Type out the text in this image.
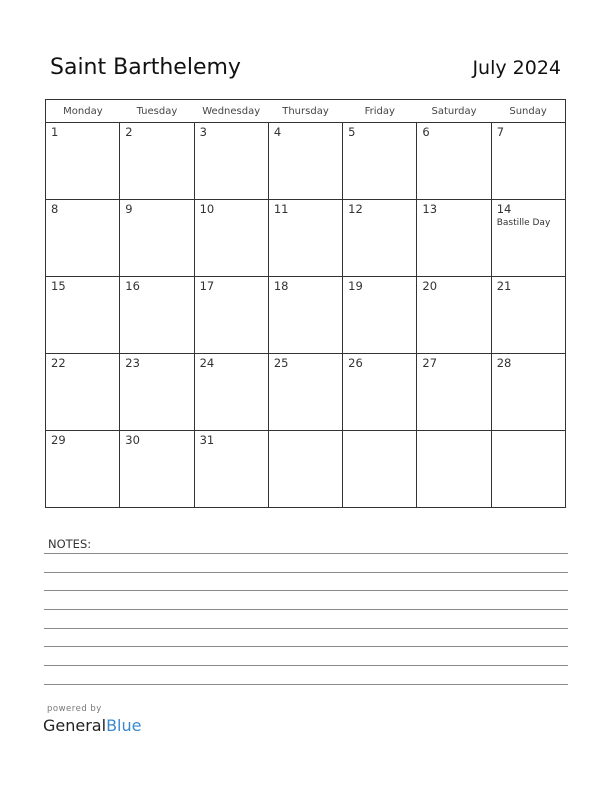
Saint Barthelemy	July 2024
Monday	Tuesday	Wednesday	Thursday	Friday	Saturday	Sunday

1	2	3	4	5	6	7

8	9	10	11	12	13	14
Bastille Day

15	16	17	18	19	20	21

22	23	24	25	26	27	28

29	30	31				

NOTES:
powered by
GeneralBlue
